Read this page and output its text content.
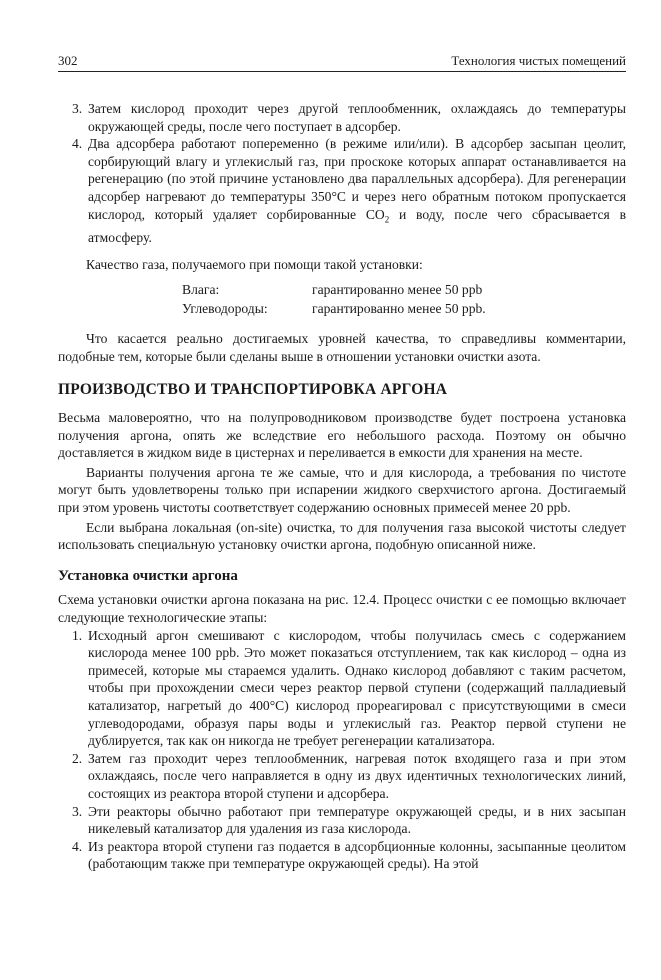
302	Технология чистых помещений

3. Затем кислород проходит через другой теплообменник, охлаждаясь до температуры окружающей среды, после чего поступает в адсорбер.

4. Два адсорбера работают попеременно (в режиме или/или). В адсорбер засыпан цеолит, сорбирующий влагу и углекислый газ, при проскоке которых аппарат останавливается на регенерацию (по этой причине установлено два параллельных адсорбера). Для регенерации адсорбер нагревают до температуры 350°С и через него обратным потоком пропускается кислород, который удаляет сорбированные $CO_2$ и воду, после чего сбрасывается в атмосферу.

Качество газа, получаемого при помощи такой установки:

Влага:	гарантированно менее 50 ppb
Углеводороды:	гарантированно менее 50 ppb.

Что касается реально достигаемых уровней качества, то справедливы комментарии, подобные тем, которые были сделаны выше в отношении установки очистки азота.

ПРОИЗВОДСТВО И ТРАНСПОРТИРОВКА АРГОНА

Весьма маловероятно, что на полупроводниковом производстве будет построена установка получения аргона, опять же вследствие его небольшого расхода. Поэтому он обычно доставляется в жидком виде в цистернах и переливается в емкости для хранения на месте.

Варианты получения аргона те же самые, что и для кислорода, а требования по чистоте могут быть удовлетворены только при испарении жидкого сверхчистого аргона. Достигаемый при этом уровень чистоты соответствует содержанию основных примесей менее 20 ppb.

Если выбрана локальная (on-site) очистка, то для получения газа высокой чистоты следует использовать специальную установку очистки аргона, подобную описанной ниже.

Установка очистки аргона

Схема установки очистки аргона показана на рис. 12.4. Процесс очистки с ее помощью включает следующие технологические этапы:

1. Исходный аргон смешивают с кислородом, чтобы получилась смесь с содержанием кислорода менее 100 ppb. Это может показаться отступлением, так как кислород – одна из примесей, которые мы стараемся удалить. Однако кислород добавляют с таким расчетом, чтобы при прохождении смеси через реактор первой ступени (содержащий палладиевый катализатор, нагретый до 400°С) кислород прореагировал с присутствующими в смеси углеводородами, образуя пары воды и углекислый газ. Реактор первой ступени не дублируется, так как он никогда не требует регенерации катализатора.

2. Затем газ проходит через теплообменник, нагревая поток входящего газа и при этом охлаждаясь, после чего направляется в одну из двух идентичных технологических линий, состоящих из реактора второй ступени и адсорбера.

3. Эти реакторы обычно работают при температуре окружающей среды, и в них засыпан никелевый катализатор для удаления из газа кислорода.

4. Из реактора второй ступени газ подается в адсорбционные колонны, засыпанные цеолитом (работающим также при температуре окружающей среды). На этой
